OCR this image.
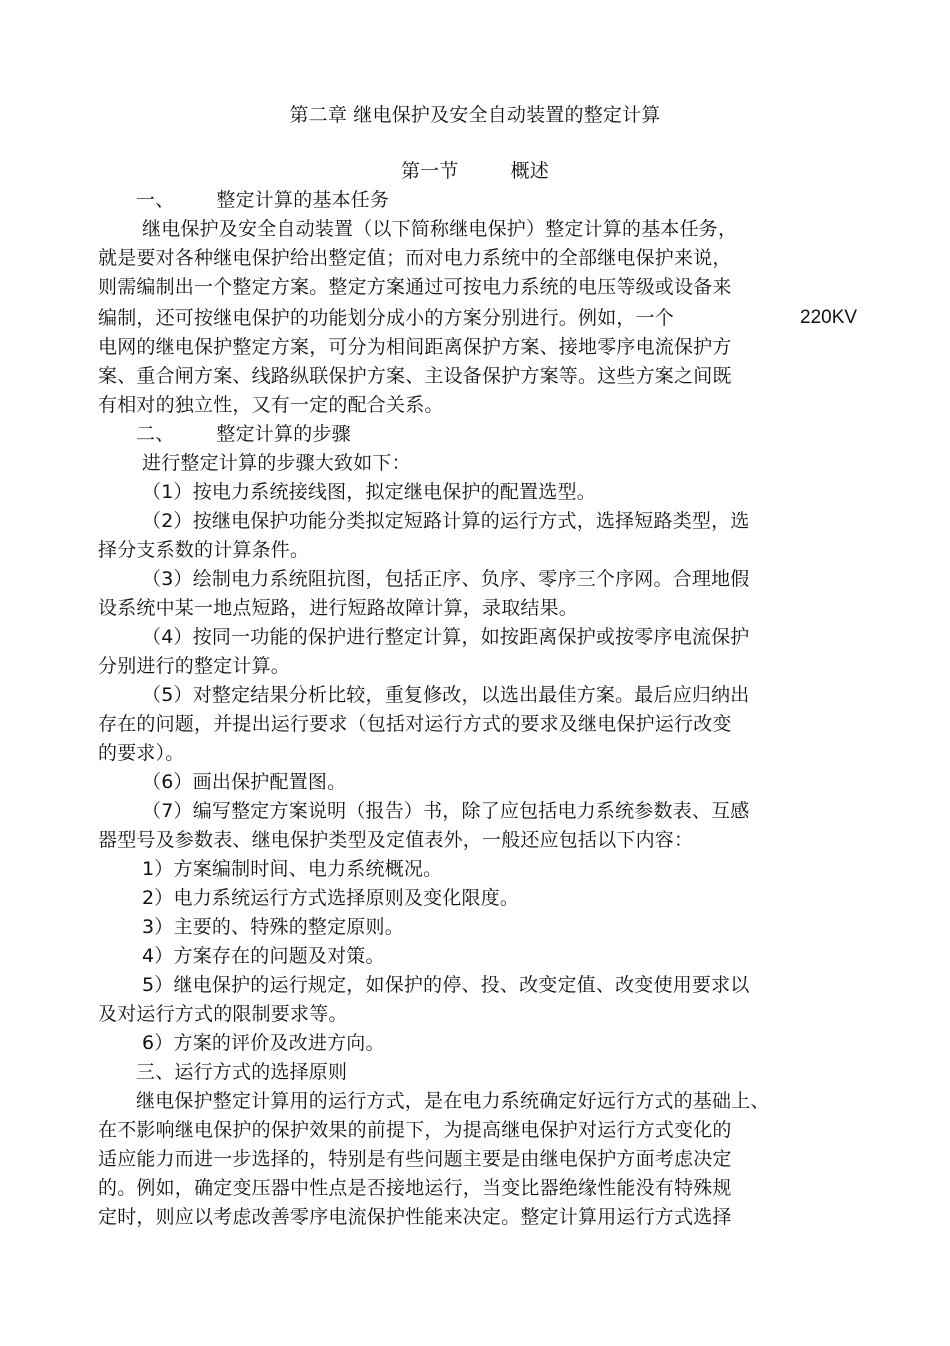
第二章 继电保护及安全自动装置的整定计算
第一节	概述
一、 整定计算的基本任务
继电保护及安全自动装置（以下简称继电保护）整定计算的基本任务，
就是要对各种继电保护给出整定值；而对电力系统中的全部继电保护来说，
则需编制出一个整定方案。整定方案通过可按电力系统的电压等级或设备来
编制，还可按继电保护的功能划分成小的方案分别进行。例如，一个	220KV
电网的继电保护整定方案，可分为相间距离保护方案、接地零序电流保护方
案、重合闸方案、线路纵联保护方案、主设备保护方案等。这些方案之间既
有相对的独立性，又有一定的配合关系。
二、 整定计算的步骤
进行整定计算的步骤大致如下：
（1）按电力系统接线图，拟定继电保护的配置选型。
（2）按继电保护功能分类拟定短路计算的运行方式，选择短路类型，选
择分支系数的计算条件。
（3）绘制电力系统阻抗图，包括正序、负序、零序三个序网。合理地假
设系统中某一地点短路，进行短路故障计算，录取结果。
（4）按同一功能的保护进行整定计算，如按距离保护或按零序电流保护
分别进行的整定计算。
（5）对整定结果分析比较，重复修改，以选出最佳方案。最后应归纳出
存在的问题，并提出运行要求（包括对运行方式的要求及继电保护运行改变
的要求）。
（6）画出保护配置图。
（7）编写整定方案说明（报告）书，除了应包括电力系统参数表、互感
器型号及参数表、继电保护类型及定值表外，一般还应包括以下内容：
1）方案编制时间、电力系统概况。
2）电力系统运行方式选择原则及变化限度。
3）主要的、特殊的整定原则。
4）方案存在的问题及对策。
5）继电保护的运行规定，如保护的停、投、改变定值、改变使用要求以
及对运行方式的限制要求等。
6）方案的评价及改进方向。
三、运行方式的选择原则
继电保护整定计算用的运行方式，是在电力系统确定好远行方式的基础上、
在不影响继电保护的保护效果的前提下，为提高继电保护对运行方式变化的
适应能力而进一步选择的，特别是有些问题主要是由继电保护方面考虑决定
的。例如，确定变压器中性点是否接地运行，当变比器绝缘性能没有特殊规
定时，则应以考虑改善零序电流保护性能来决定。整定计算用运行方式选择
